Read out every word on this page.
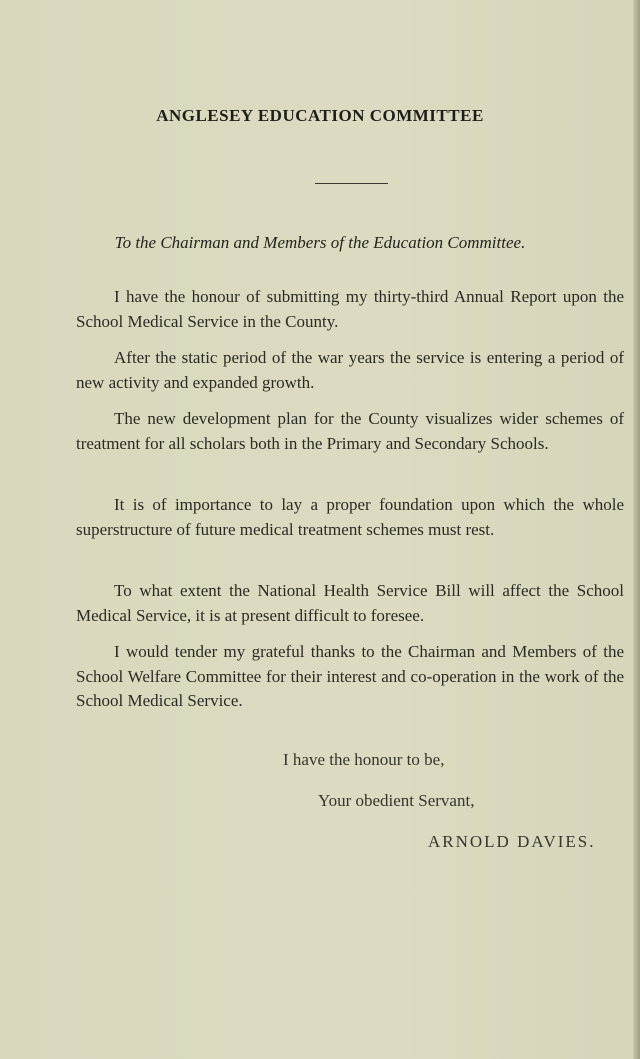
ANGLESEY EDUCATION COMMITTEE
To the Chairman and Members of the Education Committee.
I have the honour of submitting my thirty-third Annual Report upon the School Medical Service in the County.
After the static period of the war years the service is entering a period of new activity and expanded growth.
The new development plan for the County visualizes wider schemes of treatment for all scholars both in the Primary and Secondary Schools.
It is of importance to lay a proper foundation upon which the whole superstructure of future medical treatment schemes must rest.
To what extent the National Health Service Bill will affect the School Medical Service, it is at present difficult to foresee.
I would tender my grateful thanks to the Chairman and Members of the School Welfare Committee for their interest and co-operation in the work of the School Medical Service.
I have the honour to be,
Your obedient Servant,
ARNOLD DAVIES.
